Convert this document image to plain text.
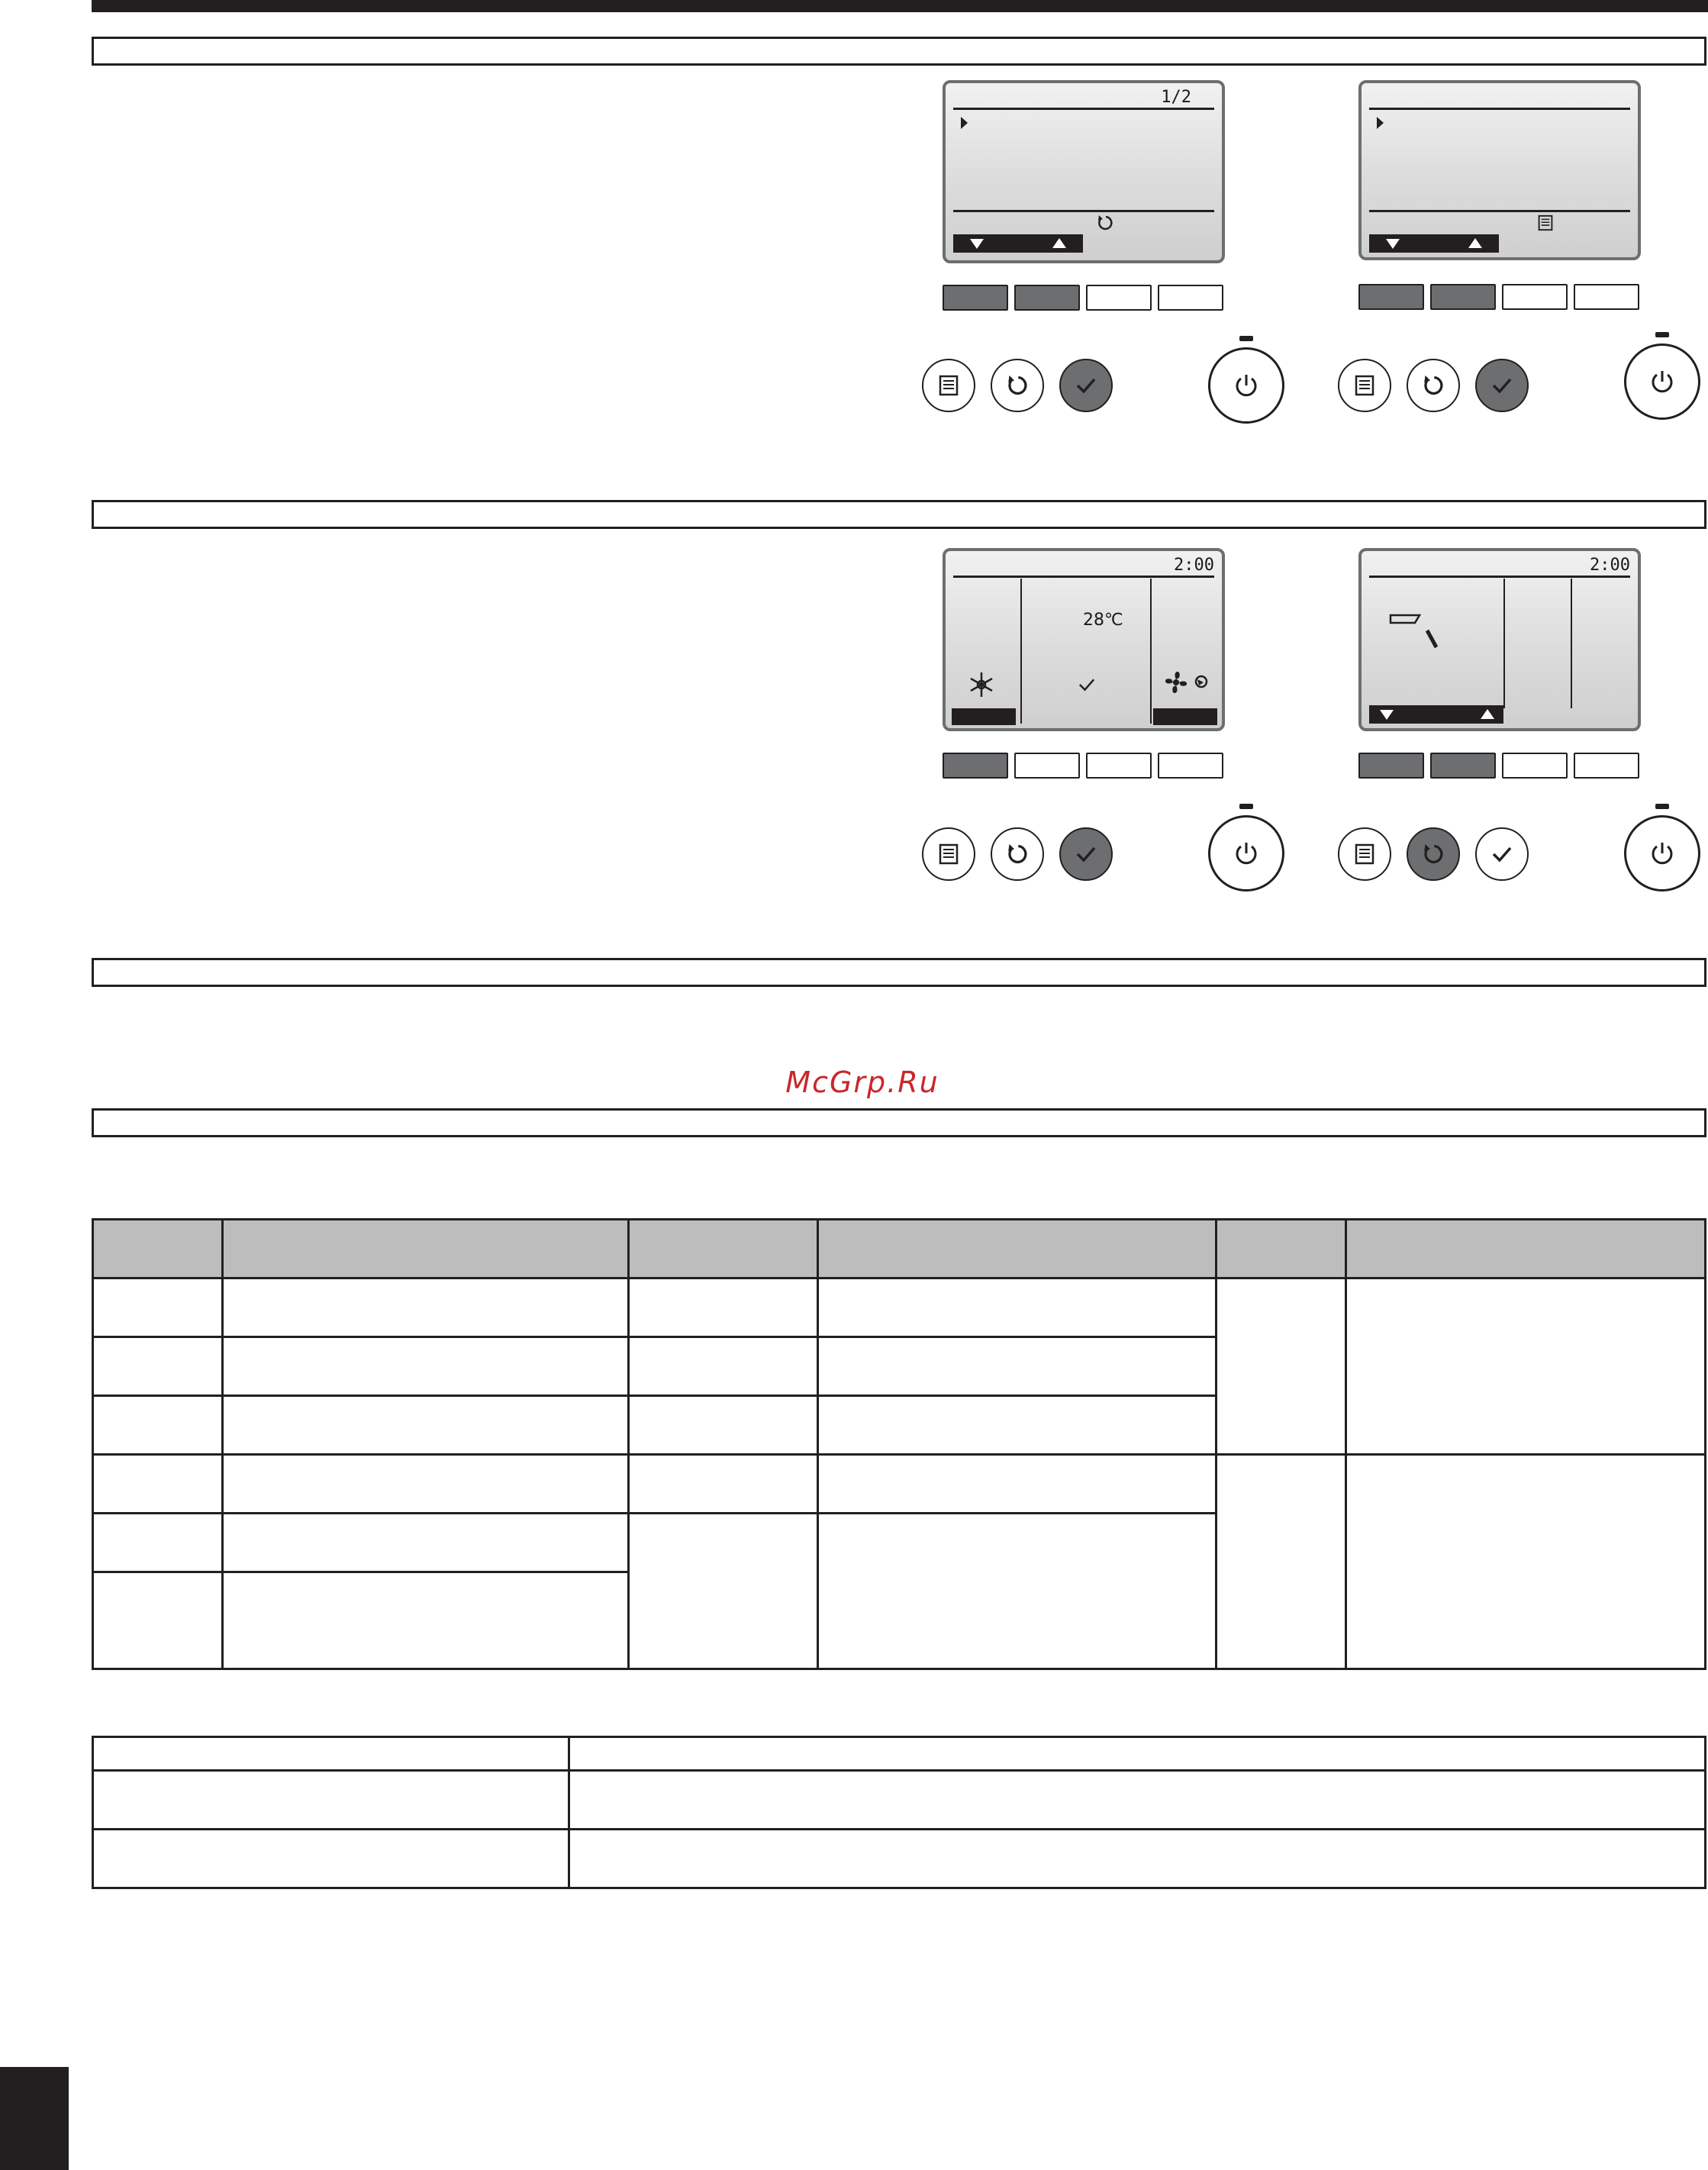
McGrp.Ru
1/2
2:00
28℃
2:00
